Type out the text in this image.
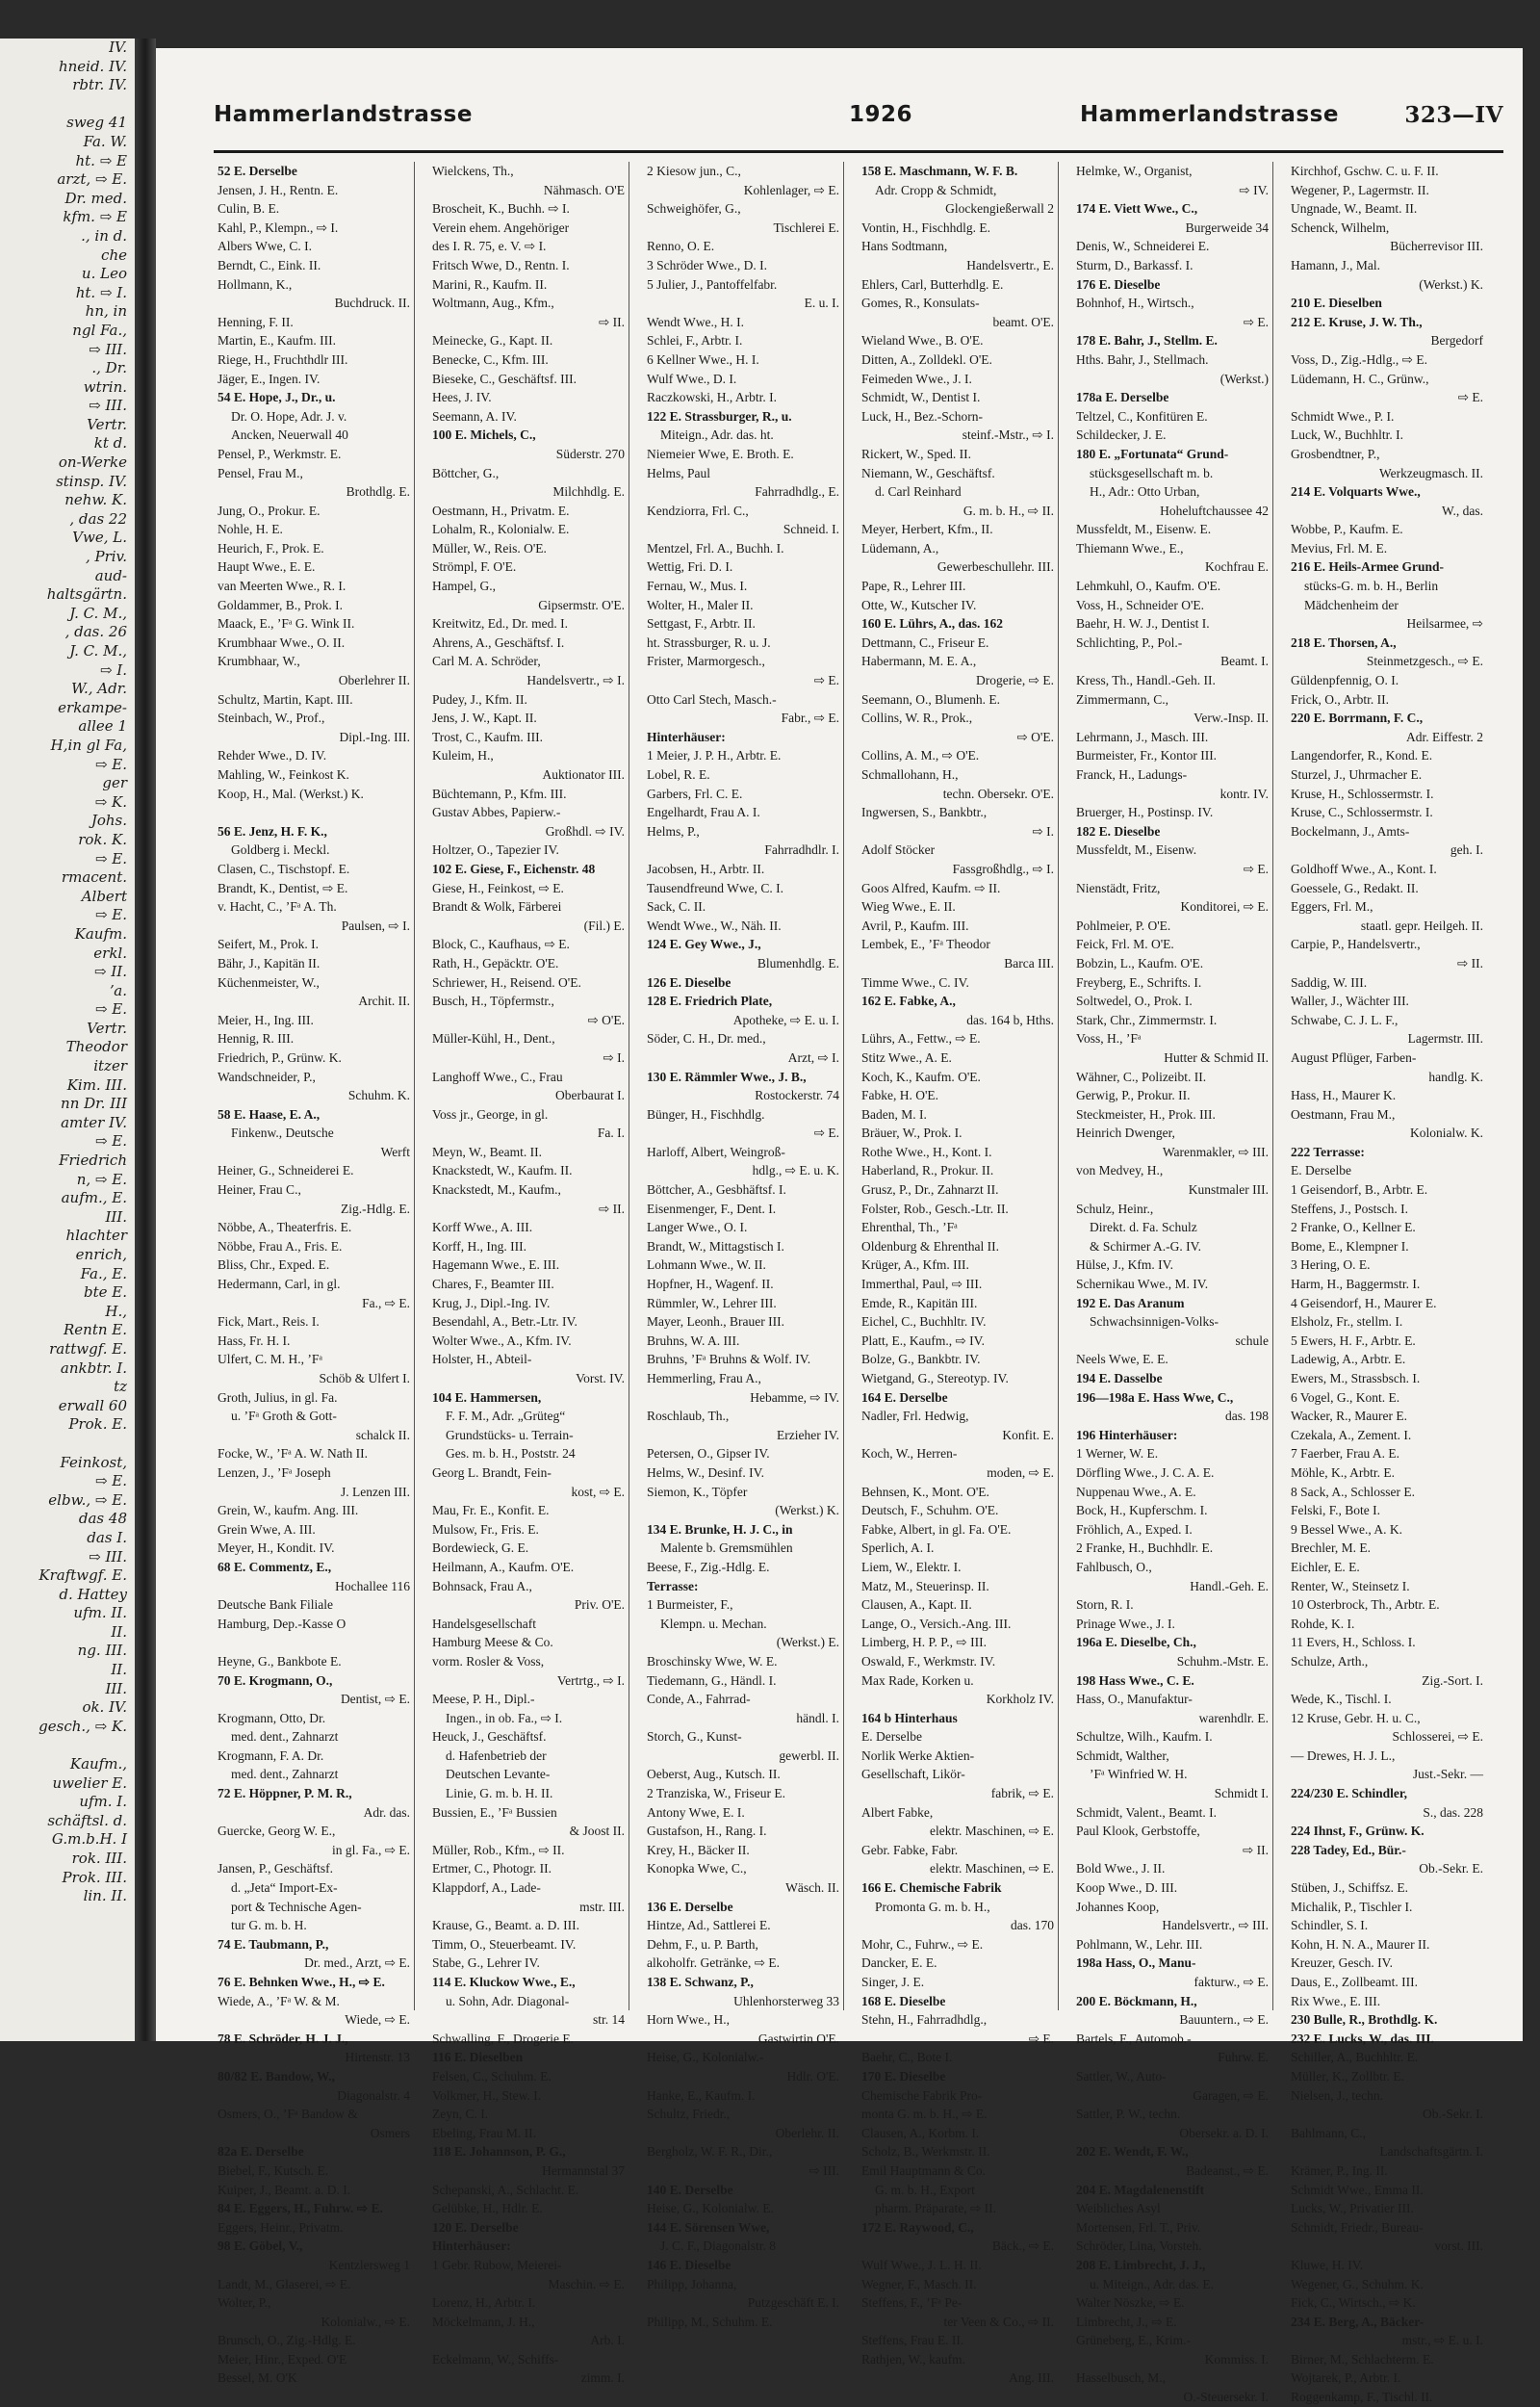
IV.
hneid. IV.
rbtr. IV.

sweg 41
Fa. W.
ht. ⇨ E
arzt, ⇨ E.
Dr. med.
kfm. ⇨ E
., in d.
che
u. Leo
ht. ⇨ I.
hn, in
ngl Fa.,
⇨ III.
., Dr.
wtrin.
⇨ III.
Vertr.
kt d.
on-Werke
stinsp. IV.
nehw. K.
, das 22
Vwe, L.
, Priv.
aud-
haltsgärtn.
J. C. M.,
, das. 26
J. C. M.,
⇨ I.
W., Adr.
erkampe-
allee 1
H,in gl Fa,
⇨ E.
ger
⇨ K.
Johs.
rok. K.
⇨ E.
rmacent.
Albert
⇨ E.
Kaufm.
erkl.
⇨ II.
ʼa.
⇨ E.
Vertr.
Theodor
itzer
Kim. III.
nn Dr. III
amter IV.
⇨ E.
Friedrich
n, ⇨ E.
aufm., E.
III.
hlachter
enrich,
Fa., E.
bte E.
H.,
Rentn E.
rattwgf. E.
ankbtr. I.
tz
erwall 60
Prok. E.

Feinkost,
⇨ E.
elbw., ⇨ E.
das 48
das I.
⇨ III.
Kraftwgf. E.
d. Hattey
ufm. II.
II.
ng. III.
II.
III.
ok. IV.
gesch., ⇨ K.

Kaufm.,
uwelier E.
ufm. I.
schäftsl. d.
G.m.b.H. I
rok. III.
Prok. III.
lin. II.
Hammerlandstrasse	1926	Hammerlandstrasse	323—IV
52 E. Derselbe
Jensen, J. H., Rentn. E.
Culin, B. E.
Kahl, P., Klempn., ⇨ I.
Albers Wwe, C. I.
Berndt, C., Eink. II.
Hollmann, K.,
Buchdruck. II.
Henning, F. II.
Martin, E., Kaufm. III.
Riege, H., Fruchthdlr III.
Jäger, E., Ingen. IV.
54 E. Hope, J., Dr., u.
Dr. O. Hope, Adr. J. v.
Ancken, Neuerwall 40
Pensel, P., Werkmstr. E.
Pensel, Frau M.,
Brothdlg. E.
Jung, O., Prokur. E.
Nohle, H. E.
Heurich, F., Prok. E.
Haupt Wwe., E. E.
van Meerten Wwe., R. I.
Goldammer, B., Prok. I.
Maack, E., ʼFᵃ G. Wink II.
Krumbhaar Wwe., O. II.
Krumbhaar, W.,
Oberlehrer II.
Schultz, Martin, Kapt. III.
Steinbach, W., Prof.,
Dipl.-Ing. III.
Rehder Wwe., D. IV.
Mahling, W., Feinkost K.
Koop, H., Mal. (Werkst.) K.

56 E. Jenz, H. F. K.,
Goldberg i. Meckl.
Clasen, C., Tischstopf. E.
Brandt, K., Dentist, ⇨ E.
v. Hacht, C., ʼFᵃ A. Th.
Paulsen, ⇨ I.
Seifert, M., Prok. I.
Bähr, J., Kapitän II.
Küchenmeister, W.,
Archit. II.
Meier, H., Ing. III.
Hennig, R. III.
Friedrich, P., Grünw. K.
Wandschneider, P.,
Schuhm. K.
58 E. Haase, E. A.,
Finkenw., Deutsche
Werft
Heiner, G., Schneiderei E.
Heiner, Frau C.,
Zig.-Hdlg. E.
Nöbbe, A., Theaterfris. E.
Nöbbe, Frau A., Fris. E.
Bliss, Chr., Exped. E.
Hedermann, Carl, in gl.
Fa., ⇨ E.
Fick, Mart., Reis. I.
Hass, Fr. H. I.
Ulfert, C. M. H., ʼFᵃ
Schöb & Ulfert I.
Groth, Julius, in gl. Fa.
u. ʼFᵃ Groth & Gott-
schalck II.
Focke, W., ʼFᵃ A. W. Nath II.
Lenzen, J., ʼFᵃ Joseph
J. Lenzen III.
Grein, W., kaufm. Ang. III.
Grein Wwe, A. III.
Meyer, H., Kondit. IV.
68 E. Commentz, E.,
Hochallee 116
Deutsche Bank Filiale
Hamburg, Dep.-Kasse O

Heyne, G., Bankbote E.
70 E. Krogmann, O.,
Dentist, ⇨ E.
Krogmann, Otto, Dr.
med. dent., Zahnarzt
Krogmann, F. A. Dr.
med. dent., Zahnarzt
72 E. Höppner, P. M. R.,
Adr. das.
Guercke, Georg W. E.,
in gl. Fa., ⇨ E.
Jansen, P., Geschäftsf.
d. „Jeta“ Import-Ex-
port & Technische Agen-
tur G. m. b. H.
74 E. Taubmann, P.,
Dr. med., Arzt, ⇨ E.
76 E. Behnken Wwe., H., ⇨ E.
Wiede, A., ʼFᵃ W. & M.
Wiede, ⇨ E.
78 E. Schröder, H. J. J.,
Hirtenstr. 13
80/82 E. Bandow, W.,
Diagonalstr. 4
Osmers, O., ʼFᵃ Bandow &
Osmers
82a E. Derselbe
Biebel, F., Kutsch. E.
Kuiper, J., Beamt. a. D. I.
84 E. Eggers, H., Fuhrw. ⇨ E.
Eggers, Heinr., Privatm.
98 E. Göbel, V.,
Kentzlersweg 1
Landt, M., Glaserei, ⇨ E.
Wolter, P.,
Kolonialw., ⇨ E.
Brunsch, O., Zig.-Hdlg. E.
Meier, Hinr., Exped. O'E
Bessel, M. O'K
Wielckens, Th.,
Nähmasch. O'E
Broscheit, K., Buchh. ⇨ I.
Verein ehem. Angehöriger
des I. R. 75, e. V. ⇨ I.
Fritsch Wwe, D., Rentn. I.
Marini, R., Kaufm. II.
Woltmann, Aug., Kfm.,
⇨ II.
Meinecke, G., Kapt. II.
Benecke, C., Kfm. III.
Bieseke, C., Geschäftsf. III.
Hees, J. IV.
Seemann, A. IV.
100 E. Michels, C.,
Süderstr. 270
Böttcher, G.,
Milchhdlg. E.
Oestmann, H., Privatm. E.
Lohalm, R., Kolonialw. E.
Müller, W., Reis. O'E.
Strömpl, F. O'E.
Hampel, G.,
Gipsermstr. O'E.
Kreitwitz, Ed., Dr. med. I.
Ahrens, A., Geschäftsf. I.
Carl M. A. Schröder,
Handelsvertr., ⇨ I.
Pudey, J., Kfm. II.
Jens, J. W., Kapt. II.
Trost, C., Kaufm. III.
Kuleim, H.,
Auktionator III.
Büchtemann, P., Kfm. III.
Gustav Abbes, Papierw.-
Großhdl. ⇨ IV.
Holtzer, O., Tapezier IV.
102 E. Giese, F., Eichenstr. 48
Giese, H., Feinkost, ⇨ E.
Brandt & Wolk, Färberei
(Fil.) E.
Block, C., Kaufhaus, ⇨ E.
Rath, H., Gepäcktr. O'E.
Schriewer, H., Reisend. O'E.
Busch, H., Töpfermstr.,
⇨ O'E.
Müller-Kühl, H., Dent.,
⇨ I.
Langhoff Wwe., C., Frau
Oberbaurat I.
Voss jr., George, in gl.
Fa. I.
Meyn, W., Beamt. II.
Knackstedt, W., Kaufm. II.
Knackstedt, M., Kaufm.,
⇨ II.
Korff Wwe., A. III.
Korff, H., Ing. III.
Hagemann Wwe., E. III.
Chares, F., Beamter III.
Krug, J., Dipl.-Ing. IV.
Besendahl, A., Betr.-Ltr. IV.
Wolter Wwe., A., Kfm. IV.
Holster, H., Abteil-
Vorst. IV.
104 E. Hammersen,
F. F. M., Adr. „Grüteg“
Grundstücks- u. Terrain-
Ges. m. b. H., Poststr. 24
Georg L. Brandt, Fein-
kost, ⇨ E.
Mau, Fr. E., Konfit. E.
Mulsow, Fr., Fris. E.
Bordewieck, G. E.
Heilmann, A., Kaufm. O'E.
Bohnsack, Frau A.,
Priv. O'E.
Handelsgesellschaft
Hamburg Meese & Co.
vorm. Rosler & Voss,
Vertrtg., ⇨ I.
Meese, P. H., Dipl.-
Ingen., in ob. Fa., ⇨ I.
Heuck, J., Geschäftsf.
d. Hafenbetrieb der
Deutschen Levante-
Linie, G. m. b. H. II.
Bussien, E., ʼFᵃ Bussien
& Joost II.
Müller, Rob., Kfm., ⇨ II.
Ertmer, C., Photogr. II.
Klappdorf, A., Lade-
mstr. III.
Krause, G., Beamt. a. D. III.
Timm, O., Steuerbeamt. IV.
Stabe, G., Lehrer IV.
114 E. Kluckow Wwe., E.,
u. Sohn, Adr. Diagonal-
str. 14
Schwalling, F., Drogerie E.
116 E. Dieselben
Felsen, C., Schuhm. E.
Volkmer, H., Stew. I.
Zeyn, C. I.
Ebeling, Frau M. II.
118 E. Johannson, P. G.,
Hermannstal 37
Schepanski, A., Schlacht. E.
Gelübke, H., Hdlr. E.
120 E. Derselbe
Hinterhäuser:
1 Gebr. Rubow, Meierei-
Maschin. ⇨ E.
Lorenz, H., Arbtr. I.
Möckelmann, J. H.,
Arb. I.
Eckelmann, W., Schiffs-
zimm. I.
2 Kiesow jun., C.,
Kohlenlager, ⇨ E.
Schweighöfer, G.,
Tischlerei E.
Renno, O. E.
3 Schröder Wwe., D. I.
5 Julier, J., Pantoffelfabr.
E. u. I.
Wendt Wwe., H. I.
Schlei, F., Arbtr. I.
6 Kellner Wwe., H. I.
Wulf Wwe., D. I.
Raczkowski, H., Arbtr. I.
122 E. Strassburger, R., u.
Miteign., Adr. das. ht.
Niemeier Wwe, E. Broth. E.
Helms, Paul
Fahrradhdlg., E.
Kendziorra, Frl. C.,
Schneid. I.
Mentzel, Frl. A., Buchh. I.
Wettig, Fri. D. I.
Fernau, W., Mus. I.
Wolter, H., Maler II.
Settgast, F., Arbtr. II.
ht. Strassburger, R. u. J.
Frister, Marmorgesch.,
⇨ E.
Otto Carl Stech, Masch.-
Fabr., ⇨ E.
Hinterhäuser:
1 Meier, J. P. H., Arbtr. E.
Lobel, R. E.
Garbers, Frl. C. E.
Engelhardt, Frau A. I.
Helms, P.,
Fahrradhdlr. I.
Jacobsen, H., Arbtr. II.
Tausendfreund Wwe, C. I.
Sack, C. II.
Wendt Wwe., W., Näh. II.
124 E. Gey Wwe., J.,
Blumenhdlg. E.
126 E. Dieselbe
128 E. Friedrich Plate,
Apotheke, ⇨ E. u. I.
Söder, C. H., Dr. med.,
Arzt, ⇨ I.
130 E. Rämmler Wwe., J. B.,
Rostockerstr. 74
Bünger, H., Fischhdlg.
⇨ E.
Harloff, Albert, Weingroß-
hdlg., ⇨ E. u. K.
Böttcher, A., Gesbhäftsf. I.
Eisenmenger, F., Dent. I.
Langer Wwe., O. I.
Brandt, W., Mittagstisch I.
Lohmann Wwe., W. II.
Hopfner, H., Wagenf. II.
Rümmler, W., Lehrer III.
Mayer, Leonh., Brauer III.
Bruhns, W. A. III.
Bruhns, ʼFᵃ Bruhns & Wolf. IV.
Hemmerling, Frau A.,
Hebamme, ⇨ IV.
Roschlaub, Th.,
Erzieher IV.
Petersen, O., Gipser IV.
Helms, W., Desinf. IV.
Siemon, K., Töpfer
(Werkst.) K.
134 E. Brunke, H. J. C., in
Malente b. Gremsmühlen
Beese, F., Zig.-Hdlg. E.
Terrasse:
1 Burmeister, F.,
Klempn. u. Mechan.
(Werkst.) E.
Broschinsky Wwe, W. E.
Tiedemann, G., Händl. I.
Conde, A., Fahrrad-
händl. I.
Storch, G., Kunst-
gewerbl. II.
Oeberst, Aug., Kutsch. II.
2 Tranziska, W., Friseur E.
Antony Wwe, E. I.
Gustafson, H., Rang. I.
Krey, H., Bäcker II.
Konopka Wwe, C.,
Wäsch. II.
136 E. Derselbe
Hintze, Ad., Sattlerei E.
Dehm, F., u. P. Barth,
alkoholfr. Getränke, ⇨ E.
138 E. Schwanz, P.,
Uhlenhorsterweg 33
Horn Wwe., H.,
Gastwirtin O'E.
Heise, G., Kolonialw.-
Hdlr. O'E.
Hanke, E., Kaufm. I.
Schultz, Friedr.,
Oberlehr. II.
Bergholz, W. F. R., Dir.,
⇨ III.
140 E. Derselbe
Heise, G., Kolonialw. E.
144 E. Sörensen Wwe,
J. C. F., Diagonalstr. 8
146 E. Dieselbe
Philipp, Johanna,
Putzgeschäft E. I.
Philipp, M., Schuhm. E.
158 E. Maschmann, W. F. B.
Adr. Cropp & Schmidt,
Glockengießerwall 2
Vontin, H., Fischhdlg. E.
Hans Sodtmann,
Handelsvertr., E.
Ehlers, Carl, Butterhdlg. E.
Gomes, R., Konsulats-
beamt. O'E.
Wieland Wwe., B. O'E.
Ditten, A., Zolldekl. O'E.
Feimeden Wwe., J. I.
Schmidt, W., Dentist I.
Luck, H., Bez.-Schorn-
steinf.-Mstr., ⇨ I.
Rickert, W., Sped. II.
Niemann, W., Geschäftsf.
d. Carl Reinhard
G. m. b. H., ⇨ II.
Meyer, Herbert, Kfm., II.
Lüdemann, A.,
Gewerbeschullehr. III.
Pape, R., Lehrer III.
Otte, W., Kutscher IV.
160 E. Lührs, A., das. 162
Dettmann, C., Friseur E.
Habermann, M. E. A.,
Drogerie, ⇨ E.
Seemann, O., Blumenh. E.
Collins, W. R., Prok.,
⇨ O'E.
Collins, A. M., ⇨ O'E.
Schmallohann, H.,
techn. Obersekr. O'E.
Ingwersen, S., Bankbtr.,
⇨ I.
Adolf Stöcker
Fassgroßhdlg., ⇨ I.
Goos Alfred, Kaufm. ⇨ II.
Wieg Wwe., E. II.
Avril, P., Kaufm. III.
Lembek, E., ʼFᵃ Theodor
Barca III.
Timme Wwe., C. IV.
162 E. Fabke, A.,
das. 164 b, Hths.
Lührs, A., Fettw., ⇨ E.
Stitz Wwe., A. E.
Koch, K., Kaufm. O'E.
Fabke, H. O'E.
Baden, M. I.
Bräuer, W., Prok. I.
Rothe Wwe., H., Kont. I.
Haberland, R., Prokur. II.
Grusz, P., Dr., Zahnarzt II.
Folster, Rob., Gesch.-Ltr. II.
Ehrenthal, Th., ʼFᵃ
Oldenburg & Ehrenthal II.
Krüger, A., Kfm. III.
Immerthal, Paul, ⇨ III.
Emde, R., Kapitän III.
Eichel, C., Buchhltr. IV.
Platt, E., Kaufm., ⇨ IV.
Bolze, G., Bankbtr. IV.
Wietgand, G., Stereotyp. IV.
164 E. Derselbe
Nadler, Frl. Hedwig,
Konfit. E.
Koch, W., Herren-
moden, ⇨ E.
Behnsen, K., Mont. O'E.
Deutsch, F., Schuhm. O'E.
Fabke, Albert, in gl. Fa. O'E.
Sperlich, A. I.
Liem, W., Elektr. I.
Matz, M., Steuerinsp. II.
Clausen, A., Kapt. II.
Lange, O., Versich.-Ang. III.
Limberg, H. P. P., ⇨ III.
Oswald, F., Werkmstr. IV.
Max Rade, Korken u.
Korkholz IV.
164 b Hinterhaus
E. Derselbe
Norlik Werke Aktien-
Gesellschaft, Likör-
fabrik, ⇨ E.
Albert Fabke,
elektr. Maschinen, ⇨ E.
Gebr. Fabke, Fabr.
elektr. Maschinen, ⇨ E.
166 E. Chemische Fabrik
Promonta G. m. b. H.,
das. 170
Mohr, C., Fuhrw., ⇨ E.
Dancker, E. E.
Singer, J. E.
168 E. Dieselbe
Stehn, H., Fahrradhdlg.,
⇨ E.
Baehr, C., Bote I.
170 E. Dieselbe
Chemische Fabrik Pro-
monta G. m. b. H., ⇨ E.
Clausen, A., Korbm. I.
Scholz, B., Werkmstr. II.
Emil Hauptmann & Co.
G. m. b. H., Export
pharm. Präparate, ⇨ II.
172 E. Raywood, C.,
Bäck., ⇨ E.
Wulf Wwe., J. L. H. II.
Wegner, F., Masch. II.
Steffens, F., ʼFᵃ Pe-
ter Veen & Co., ⇨ II.
Steffens, Frau E. II.
Rathjen, W., kaufm.
Ang. III.
Helmke, W., Organist,
⇨ IV.
174 E. Viett Wwe., C.,
Burgerweide 34
Denis, W., Schneiderei E.
Sturm, D., Barkassf. I.
176 E. Dieselbe
Bohnhof, H., Wirtsch.,
⇨ E.
178 E. Bahr, J., Stellm. E.
Hths. Bahr, J., Stellmach.
(Werkst.)
178a E. Derselbe
Teltzel, C., Konfitüren E.
Schildecker, J. E.
180 E. „Fortunata“ Grund-
stücksgesellschaft m. b.
H., Adr.: Otto Urban,
Hoheluftchaussee 42
Mussfeldt, M., Eisenw. E.
Thiemann Wwe., E.,
Kochfrau E.
Lehmkuhl, O., Kaufm. O'E.
Voss, H., Schneider O'E.
Baehr, H. W. J., Dentist I.
Schlichting, P., Pol.-
Beamt. I.
Kress, Th., Handl.-Geh. II.
Zimmermann, C.,
Verw.-Insp. II.
Lehrmann, J., Masch. III.
Burmeister, Fr., Kontor III.
Franck, H., Ladungs-
kontr. IV.
Bruerger, H., Postinsp. IV.
182 E. Dieselbe
Mussfeldt, M., Eisenw.
⇨ E.
Nienstädt, Fritz,
Konditorei, ⇨ E.
Pohlmeier, P. O'E.
Feick, Frl. M. O'E.
Bobzin, L., Kaufm. O'E.
Freyberg, E., Schrifts. I.
Soltwedel, O., Prok. I.
Stark, Chr., Zimmermstr. I.
Voss, H., ʼFᵃ
Hutter & Schmid II.
Wähner, C., Polizeibt. II.
Gerwig, P., Prokur. II.
Steckmeister, H., Prok. III.
Heinrich Dwenger,
Warenmakler, ⇨ III.
von Medvey, H.,
Kunstmaler III.
Schulz, Heinr.,
Direkt. d. Fa. Schulz
& Schirmer A.-G. IV.
Hülse, J., Kfm. IV.
Schernikau Wwe., M. IV.
192 E. Das Aranum
Schwachsinnigen-Volks-
schule
Neels Wwe, E. E.
194 E. Dasselbe
196—198a E. Hass Wwe, C.,
das. 198
196 Hinterhäuser:
1 Werner, W. E.
Dörfling Wwe., J. C. A. E.
Nuppenau Wwe., A. E.
Bock, H., Kupferschm. I.
Fröhlich, A., Exped. I.
2 Franke, H., Buchhdlr. E.
Fahlbusch, O.,
Handl.-Geh. E.
Storn, R. I.
Prinage Wwe., J. I.
196a E. Dieselbe, Ch.,
Schuhm.-Mstr. E.
198 Hass Wwe., C. E.
Hass, O., Manufaktur-
warenhdlr. E.
Schultze, Wilh., Kaufm. I.
Schmidt, Walther,
ʼFᵃ Winfried W. H.
Schmidt I.
Schmidt, Valent., Beamt. I.
Paul Klook, Gerbstoffe,
⇨ II.
Bold Wwe., J. II.
Koop Wwe., D. III.
Johannes Koop,
Handelsvertr., ⇨ III.
Pohlmann, W., Lehr. III.
198a Hass, O., Manu-
fakturw., ⇨ E.
200 E. Böckmann, H.,
Bauuntern., ⇨ E.
Bartels, F., Automob.-
Fuhrw. E.
Sattler, W., Auto-
Garagen, ⇨ E.
Sattler, P. W., techn.
Obersekr. a. D. I.
202 E. Wendt, F. W.,
Badeanst., ⇨ E.
204 E. Magdalenenstift
Weibliches Asyl
Mortensen, Frl. T., Priv.
Schröder, Lina, Vorsteh.
208 E. Limbrecht, J. J.,
u. Miteign., Adr. das. E.
Walter Nöszke, ⇨ E.
Limbrecht, J., ⇨ E.
Grüneberg, E., Krim.-
Kommiss. I.
Hasselbusch, M.,
O.-Steuersekr. I.
Kirchhof, Gschw. C. u. F. II.
Wegener, P., Lagermstr. II.
Ungnade, W., Beamt. II.
Schenck, Wilhelm,
Bücherrevisor III.
Hamann, J., Mal.
(Werkst.) K.
210 E. Dieselben
212 E. Kruse, J. W. Th.,
Bergedorf
Voss, D., Zig.-Hdlg., ⇨ E.
Lüdemann, H. C., Grünw.,
⇨ E.
Schmidt Wwe., P. I.
Luck, W., Buchhltr. I.
Grosbendtner, P.,
Werkzeugmasch. II.
214 E. Volquarts Wwe.,
W., das.
Wobbe, P., Kaufm. E.
Mevius, Frl. M. E.
216 E. Heils-Armee Grund-
stücks-G. m. b. H., Berlin
Mädchenheim der
Heilsarmee, ⇨
218 E. Thorsen, A.,
Steinmetzgesch., ⇨ E.
Güldenpfennig, O. I.
Frick, O., Arbtr. II.
220 E. Borrmann, F. C.,
Adr. Eiffestr. 2
Langendorfer, R., Kond. E.
Sturzel, J., Uhrmacher E.
Kruse, H., Schlossermstr. I.
Kruse, C., Schlossermstr. I.
Bockelmann, J., Amts-
geh. I.
Goldhoff Wwe., A., Kont. I.
Goessele, G., Redakt. II.
Eggers, Frl. M.,
staatl. gepr. Heilgeh. II.
Carpie, P., Handelsvertr.,
⇨ II.
Saddig, W. III.
Waller, J., Wächter III.
Schwabe, C. J. L. F.,
Lagermstr. III.
August Pflüger, Farben-
handlg. K.
Hass, H., Maurer K.
Oestmann, Frau M.,
Kolonialw. K.
222 Terrasse:
E. Derselbe
1 Geisendorf, B., Arbtr. E.
Steffens, J., Postsch. I.
2 Franke, O., Kellner E.
Bome, E., Klempner I.
3 Hering, O. E.
Harm, H., Baggermstr. I.
4 Geisendorf, H., Maurer E.
Elsholz, Fr., stellm. I.
5 Ewers, H. F., Arbtr. E.
Ladewig, A., Arbtr. E.
Ewers, M., Strassbsch. I.
6 Vogel, G., Kont. E.
Wacker, R., Maurer E.
Czekala, A., Zement. I.
7 Faerber, Frau A. E.
Möhle, K., Arbtr. E.
8 Sack, A., Schlosser E.
Felski, F., Bote I.
9 Bessel Wwe., A. K.
Brechler, M. E.
Eichler, E. E.
Renter, W., Steinsetz I.
10 Osterbrock, Th., Arbtr. E.
Rohde, K. I.
11 Evers, H., Schloss. I.
Schulze, Arth.,
Zig.-Sort. I.
Wede, K., Tischl. I.
12 Kruse, Gebr. H. u. C.,
Schlosserei, ⇨ E.
— Drewes, H. J. L.,
Just.-Sekr. —
224/230 E. Schindler,
S., das. 228
224 Ihnst, F., Grünw. K.
228 Tadey, Ed., Bür.-
Ob.-Sekr. E.
Stüben, J., Schiffsz. E.
Michalik, P., Tischler I.
Schindler, S. I.
Kohn, H. N. A., Maurer II.
Kreuzer, Gesch. IV.
Daus, E., Zollbeamt. III.
Rix Wwe., E. III.
230 Bulle, R., Brothdlg. K.
232 E. Lucks, W., das. III.
Schiller, A., Buchhltr. E.
Müller, K., Zollbtr. E.
Nielsen, J., techn.
Ob.-Sekr. I.
Bahlmann, C.,
Landschaftsgärtn. I.
Krämer, P., Ing. II.
Schmidt Wwe., Emma II.
Lucks, W., Privatier III.
Schmidt, Friedr., Bureau-
vorst. III.
Kluwe, H. IV.
Wegener, G., Schuhm. K.
Fick, C., Wirtsch., ⇨ K.
234 E. Berg, A., Bäcker-
mstr., ⇨ E. u. I.
Birner, M., Schlachterm. E.
Wojtarek, P., Arbtr. I.
Roggenkamp, F., Tischl. II.
